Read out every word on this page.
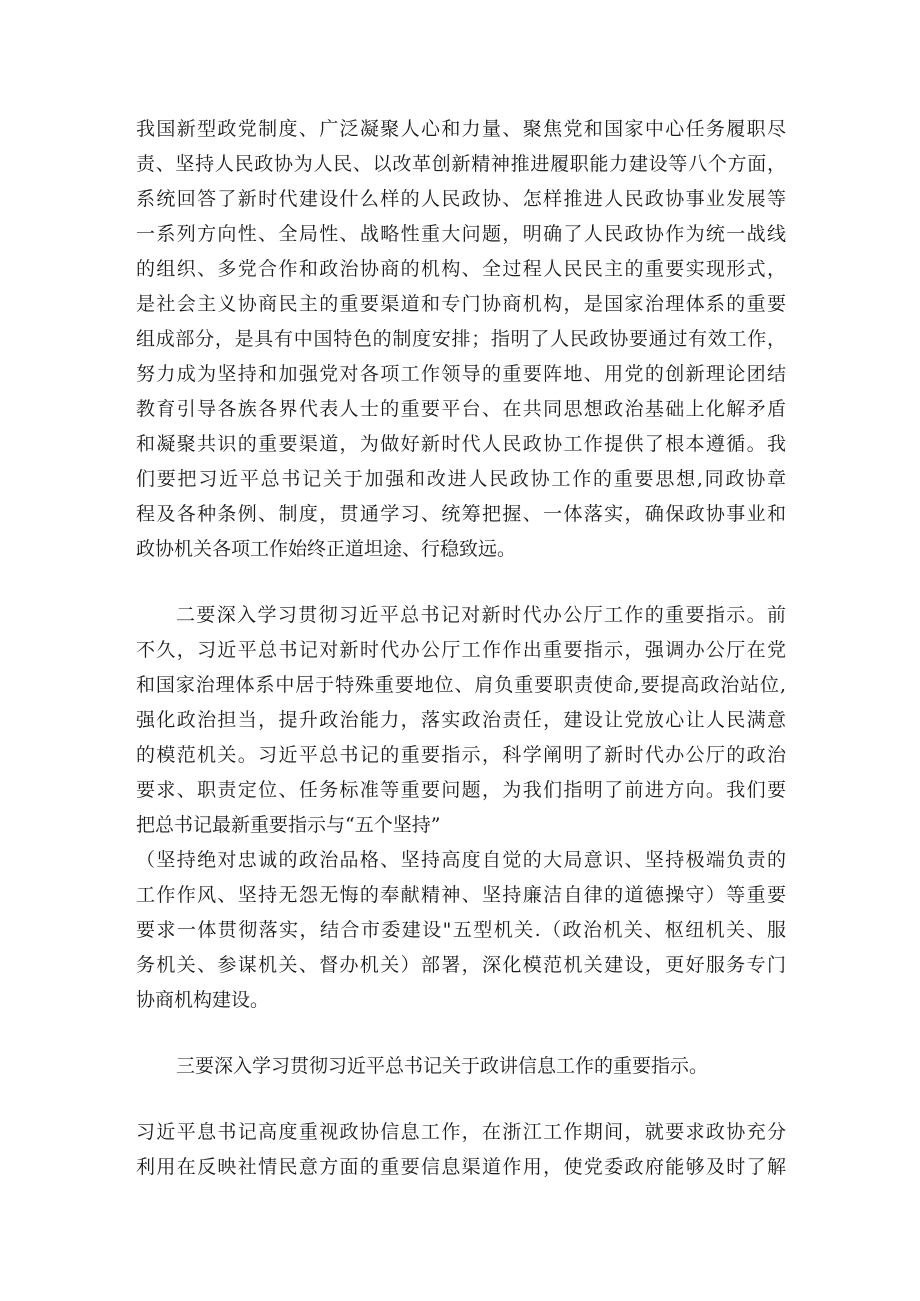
我国新型政党制度、广泛凝聚人心和力量、聚焦党和国家中心任务履职尽
责、坚持人民政协为人民、以改革创新精神推进履职能力建设等八个方面，
系统回答了新时代建设什么样的人民政协、怎样推进人民政协事业发展等
一系列方向性、全局性、战略性重大问题，明确了人民政协作为统一战线
的组织、多党合作和政治协商的机构、全过程人民民主的重要实现形式，
是社会主义协商民主的重要渠道和专门协商机构，是国家治理体系的重要
组成部分，是具有中国特色的制度安排；指明了人民政协要通过有效工作，
努力成为坚持和加强党对各项工作领导的重要阵地、用党的创新理论团结
教育引导各族各界代表人士的重要平台、在共同思想政治基础上化解矛盾
和凝聚共识的重要渠道，为做好新时代人民政协工作提供了根本遵循。我
们要把习近平总书记关于加强和改进人民政协工作的重要思想,同政协章
程及各种条例、制度，贯通学习、统筹把握、一体落实，确保政协事业和
政协机关各项工作始终正道坦途、行稳致远。
二要深入学习贯彻习近平总书记对新时代办公厅工作的重要指示。前
不久，习近平总书记对新时代办公厅工作作出重要指示，强调办公厅在党
和国家治理体系中居于特殊重要地位、肩负重要职责使命,要提高政治站位,
强化政治担当，提升政治能力，落实政治责任，建设让党放心让人民满意
的模范机关。习近平总书记的重要指示，科学阐明了新时代办公厅的政治
要求、职责定位、任务标准等重要问题，为我们指明了前进方向。我们要
把总书记最新重要指示与“五个坚持”
（坚持绝对忠诚的政治品格、坚持高度自觉的大局意识、坚持极端负责的
工作作风、坚持无怨无悔的奉献精神、坚持廉洁自律的道德操守）等重要
要求一体贯彻落实，结合市委建设"五型机关.（政治机关、枢纽机关、服
务机关、参谋机关、督办机关）部署，深化模范机关建设，更好服务专门
协商机构建设。
三要深入学习贯彻习近平总书记关于政讲信息工作的重要指示。
习近平息书记高度重视政协信息工作，在浙江工作期间，就要求政协充分
利用在反映社情民意方面的重要信息渠道作用，使党委政府能够及时了解
